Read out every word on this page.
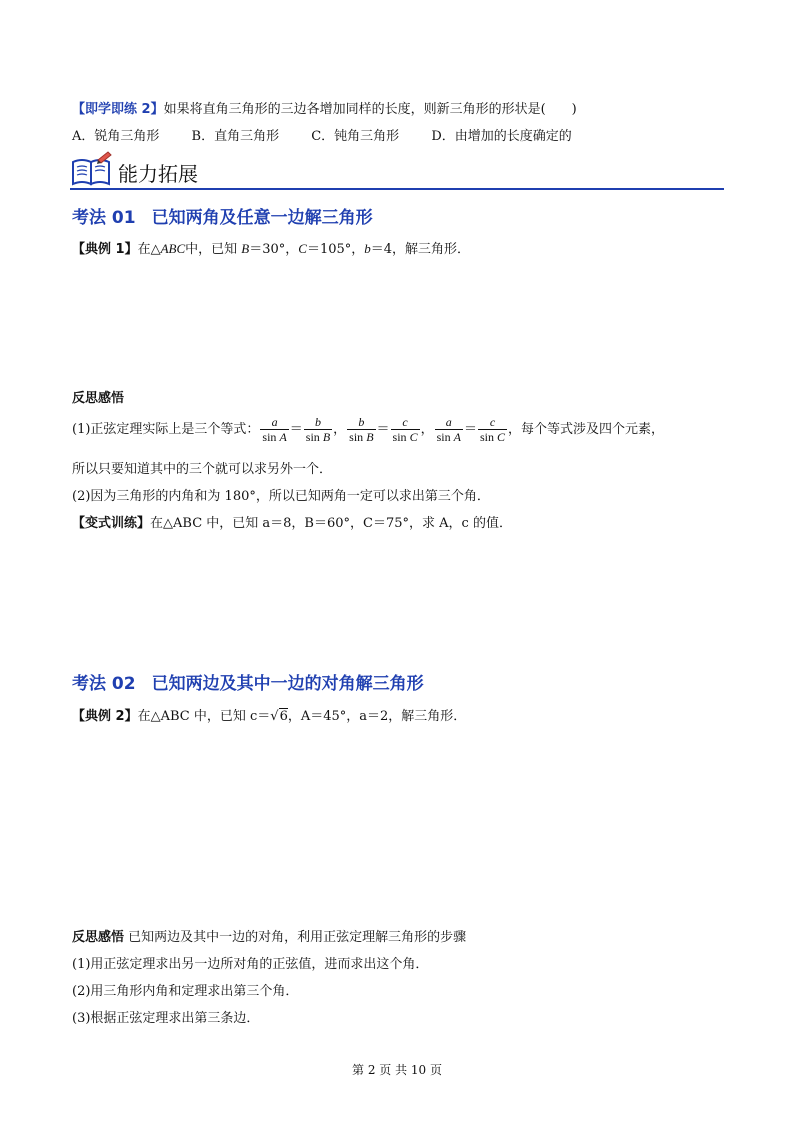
【即学即练 2】如果将直角三角形的三边各增加同样的长度，则新三角形的形状是(　　)
A．锐角三角形 B．直角三角形 C．钝角三角形 D．由增加的长度确定的
能力拓展
考法 01 已知两角及任意一边解三角形
【典例 1】在△ABC中，已知 B＝30°，C＝105°，b＝4，解三角形．
反思感悟
(1)正弦定理实际上是三个等式： $\frac{a}{\text{sin A}} = \frac{b}{\text{sin B}}$ ， $\frac{b}{\text{sin B}} = \frac{c}{\text{sin C}}$ ， $\frac{a}{\text{sin A}} = \frac{c}{\text{sin C}}$ ，每个等式涉及四个元素，
所以只要知道其中的三个就可以求另外一个．
(2)因为三角形的内角和为 180°，所以已知两角一定可以求出第三个角．
【变式训练】在△ABC 中，已知 a＝8，B＝60°，C＝75°，求 A，c 的值．
考法 02 已知两边及其中一边的对角解三角形
【典例 2】在△ABC 中，已知 c＝√6，A＝45°，a＝2，解三角形．
反思感悟 已知两边及其中一边的对角，利用正弦定理解三角形的步骤
(1)用正弦定理求出另一边所对角的正弦值，进而求出这个角．
(2)用三角形内角和定理求出第三个角．
(3)根据正弦定理求出第三条边．
第 2 页 共 10 页
